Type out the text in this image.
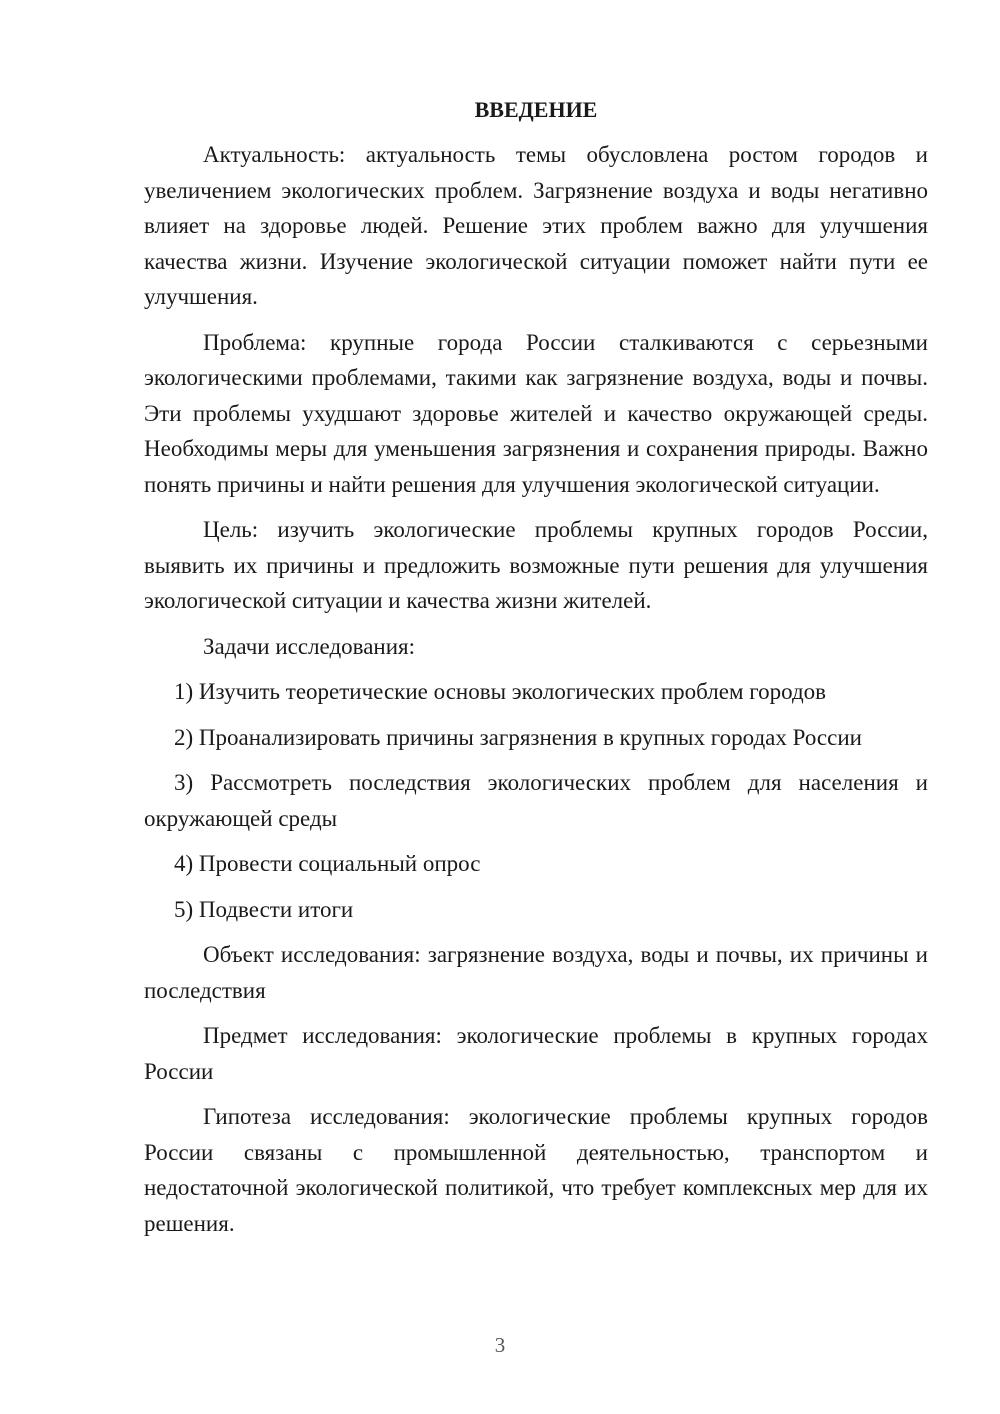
ВВЕДЕНИЕ

Актуальность: актуальность темы обусловлена ростом городов и увеличением экологических проблем. Загрязнение воздуха и воды негативно влияет на здоровье людей. Решение этих проблем важно для улучшения качества жизни. Изучение экологической ситуации поможет найти пути ее улучшения.

Проблема: крупные города России сталкиваются с серьезными экологическими проблемами, такими как загрязнение воздуха, воды и почвы. Эти проблемы ухудшают здоровье жителей и качество окружающей среды. Необходимы меры для уменьшения загрязнения и сохранения природы. Важно понять причины и найти решения для улучшения экологической ситуации.

Цель: изучить экологические проблемы крупных городов России, выявить их причины и предложить возможные пути решения для улучшения экологической ситуации и качества жизни жителей.

Задачи исследования:

1) Изучить теоретические основы экологических проблем городов

2) Проанализировать причины загрязнения в крупных городах России

3) Рассмотреть последствия экологических проблем для населения и окружающей среды

4) Провести социальный опрос

5) Подвести итоги

Объект исследования: загрязнение воздуха, воды и почвы, их причины и последствия

Предмет исследования: экологические проблемы в крупных городах России

Гипотеза исследования: экологические проблемы крупных городов России связаны с промышленной деятельностью, транспортом и недостаточной экологической политикой, что требует комплексных мер для их решения.

3
